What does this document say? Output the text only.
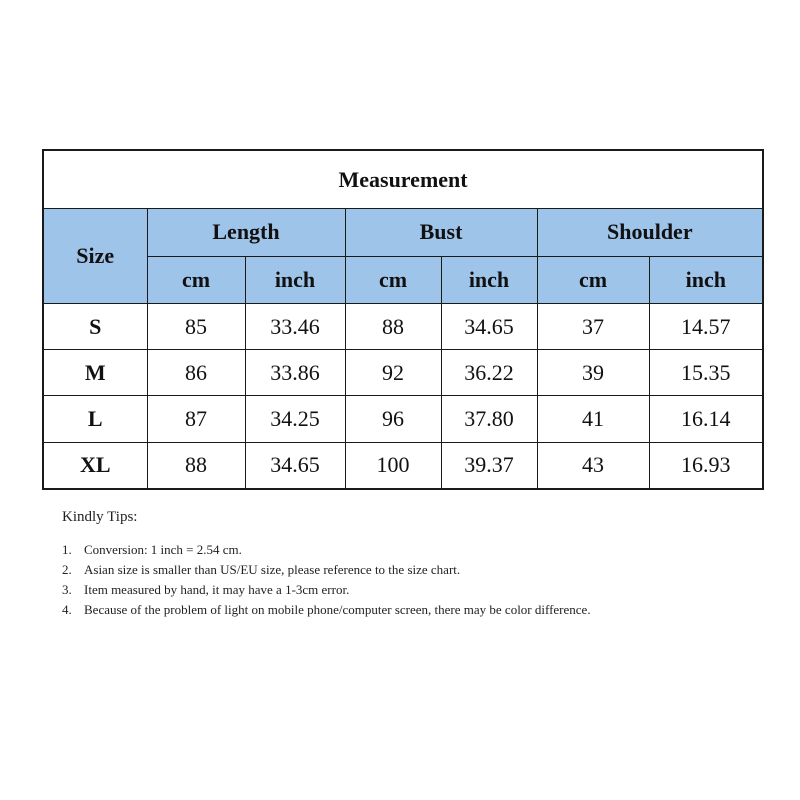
Measurement						
Size	Length		Bust		Shoulder	
	cm	inch	cm	inch	cm	inch
S	85	33.46	88	34.65	37	14.57
M	86	33.86	92	36.22	39	15.35
L	87	34.25	96	37.80	41	16.14
XL	88	34.65	100	39.37	43	16.93
Kindly Tips:
1. Conversion: 1 inch = 2.54 cm.
2. Asian size is smaller than US/EU size, please reference to the size chart.
3. Item measured by hand, it may have a 1-3cm error.
4. Because of the problem of light on mobile phone/computer screen, there may be color difference.
